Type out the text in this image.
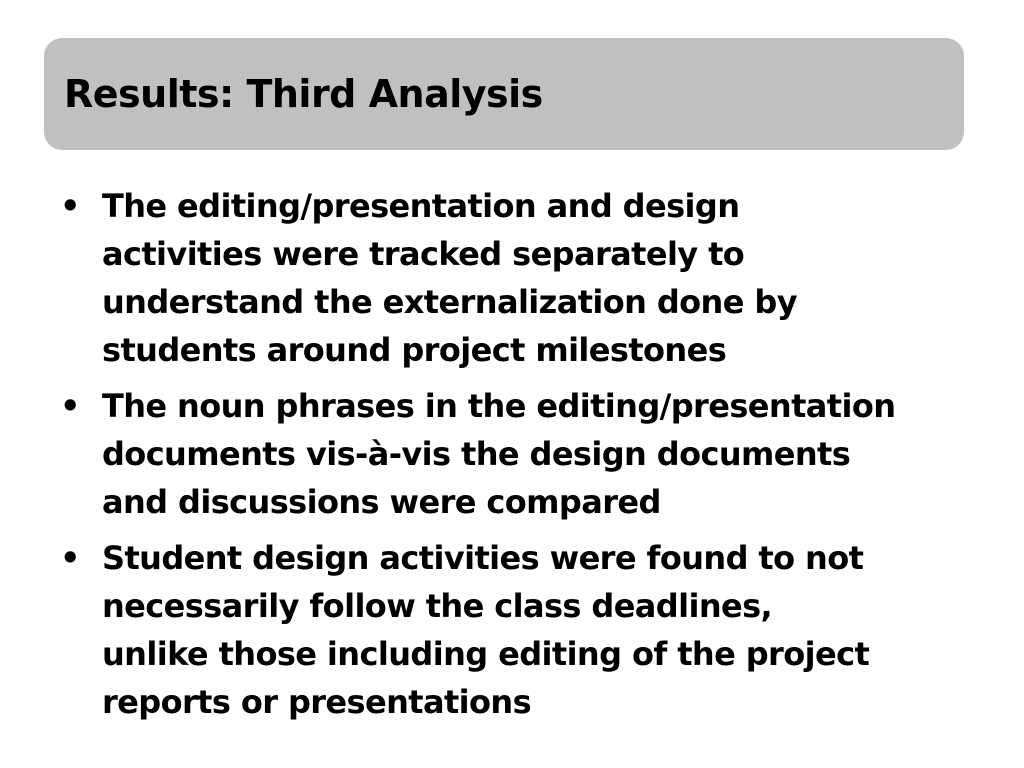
Results: Third Analysis
• The editing/presentation and design
activities were tracked separately to
understand the externalization done by
students around project milestones
• The noun phrases in the editing/presentation
documents vis-à-vis the design documents
and discussions were compared
• Student design activities were found to not
necessarily follow the class deadlines,
unlike those including editing of the project
reports or presentations
